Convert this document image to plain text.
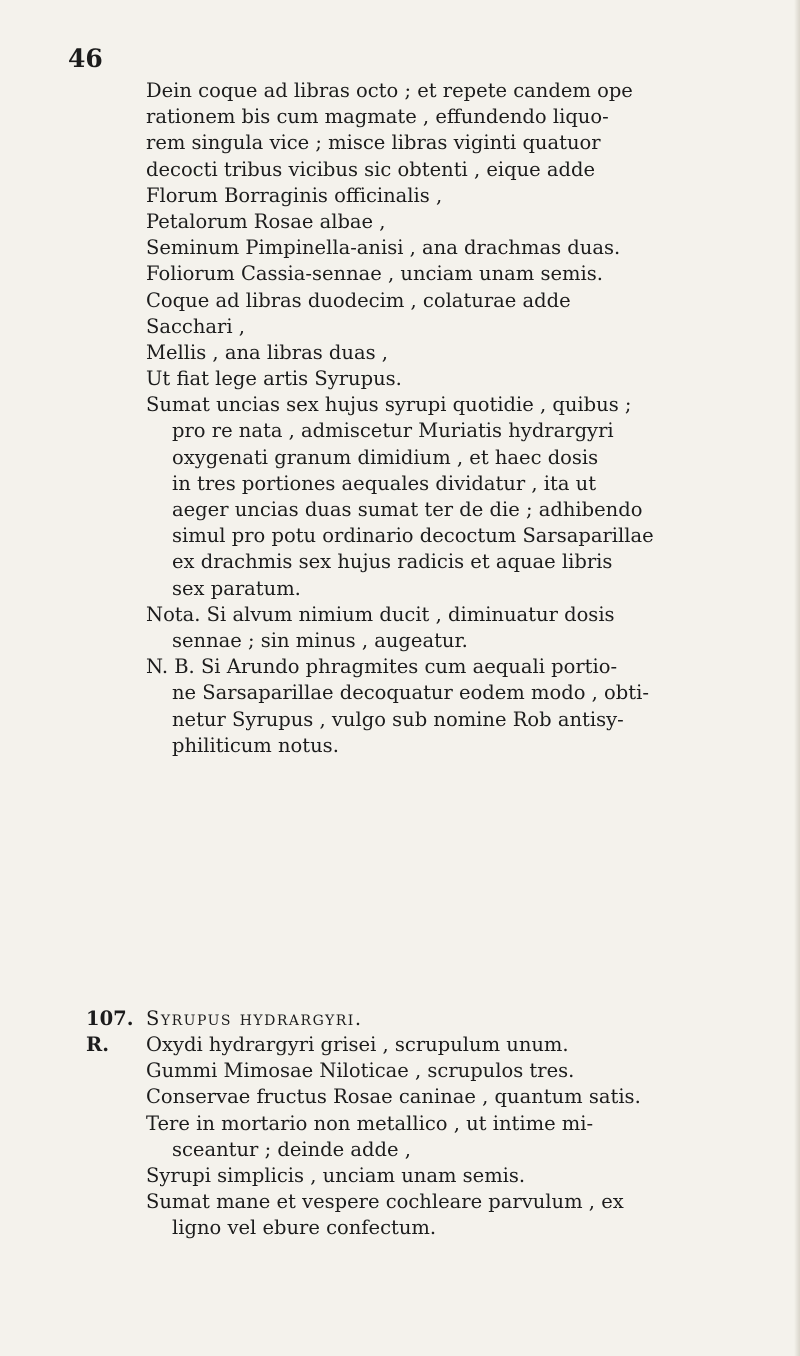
46
Dein coque ad libras octo ; et repete candem ope
rationem bis cum magmate , effundendo liquo-
rem singula vice ; misce libras viginti quatuor
decocti tribus vicibus sic obtenti , eique adde
Florum Borraginis officinalis ,
Petalorum Rosae albae ,
Seminum Pimpinella-anisi , ana drachmas duas.
Foliorum Cassia-sennae , unciam unam semis.
Coque ad libras duodecim , colaturae adde
Sacchari ,
Mellis , ana libras duas ,
Ut fiat lege artis Syrupus.
Sumat uncias sex hujus syrupi quotidie , quibus ;
pro re nata , admiscetur Muriatis hydrargyri
oxygenati granum dimidium , et haec dosis
in tres portiones aequales dividatur , ita ut
aeger uncias duas sumat ter de die ; adhibendo
simul pro potu ordinario decoctum Sarsaparillae
ex drachmis sex hujus radicis et aquae libris
sex paratum.
Nota. Si alvum nimium ducit , diminuatur dosis
sennae ; sin minus , augeatur.
N. B. Si Arundo phragmites cum aequali portio-
ne Sarsaparillae decoquatur eodem modo , obti-
netur Syrupus , vulgo sub nomine Rob antisy-
philiticum notus.
107. Syrupus hydrargyri.
R. Oxydi hydrargyri grisei , scrupulum unum.
Gummi Mimosae Niloticae , scrupulos tres.
Conservae fructus Rosae caninae , quantum satis.
Tere in mortario non metallico , ut intime mi-
sceantur ; deinde adde ,
Syrupi simplicis , unciam unam semis.
Sumat mane et vespere cochleare parvulum , ex
ligno vel ebure confectum.
